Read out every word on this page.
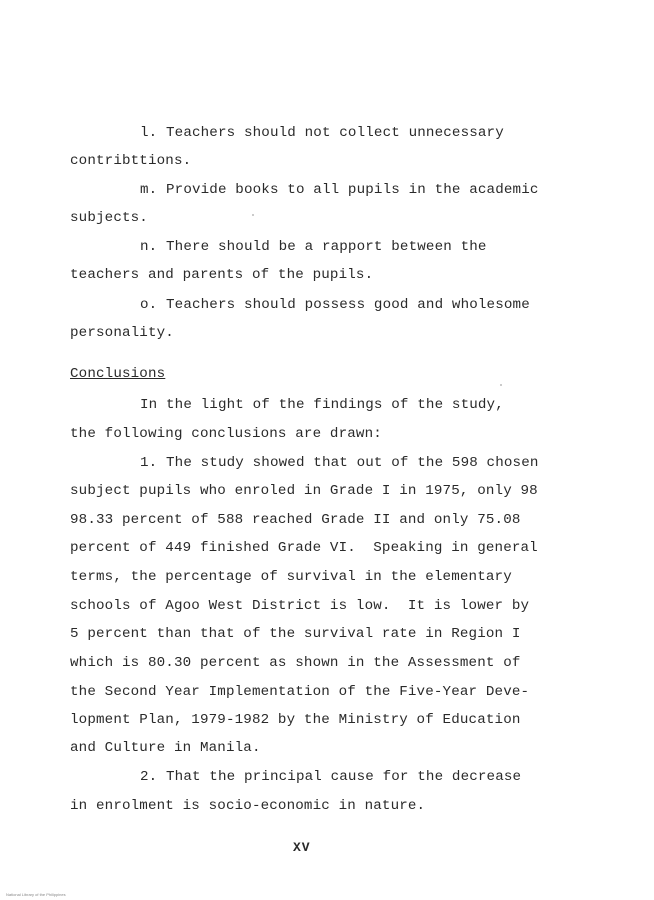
l. Teachers should not collect unnecessary
contribttions.
m. Provide books to all pupils in the academic
subjects.
n. There should be a rapport between the
teachers and parents of the pupils.
o. Teachers should possess good and wholesome
personality.
Conclusions
In the light of the findings of the study,
the following conclusions are drawn:
1. The study showed that out of the 598 chosen
subject pupils who enroled in Grade I in 1975, only 98
98.33 percent of 588 reached Grade II and only 75.08
percent of 449 finished Grade VI.  Speaking in general
terms, the percentage of survival in the elementary
schools of Agoo West District is low.  It is lower by
5 percent than that of the survival rate in Region I
which is 80.30 percent as shown in the Assessment of
the Second Year Implementation of the Five-Year Deve-
lopment Plan, 1979-1982 by the Ministry of Education
and Culture in Manila.
2. That the principal cause for the decrease
in enrolment is socio-economic in nature.
XV
National Library of the Philippines
